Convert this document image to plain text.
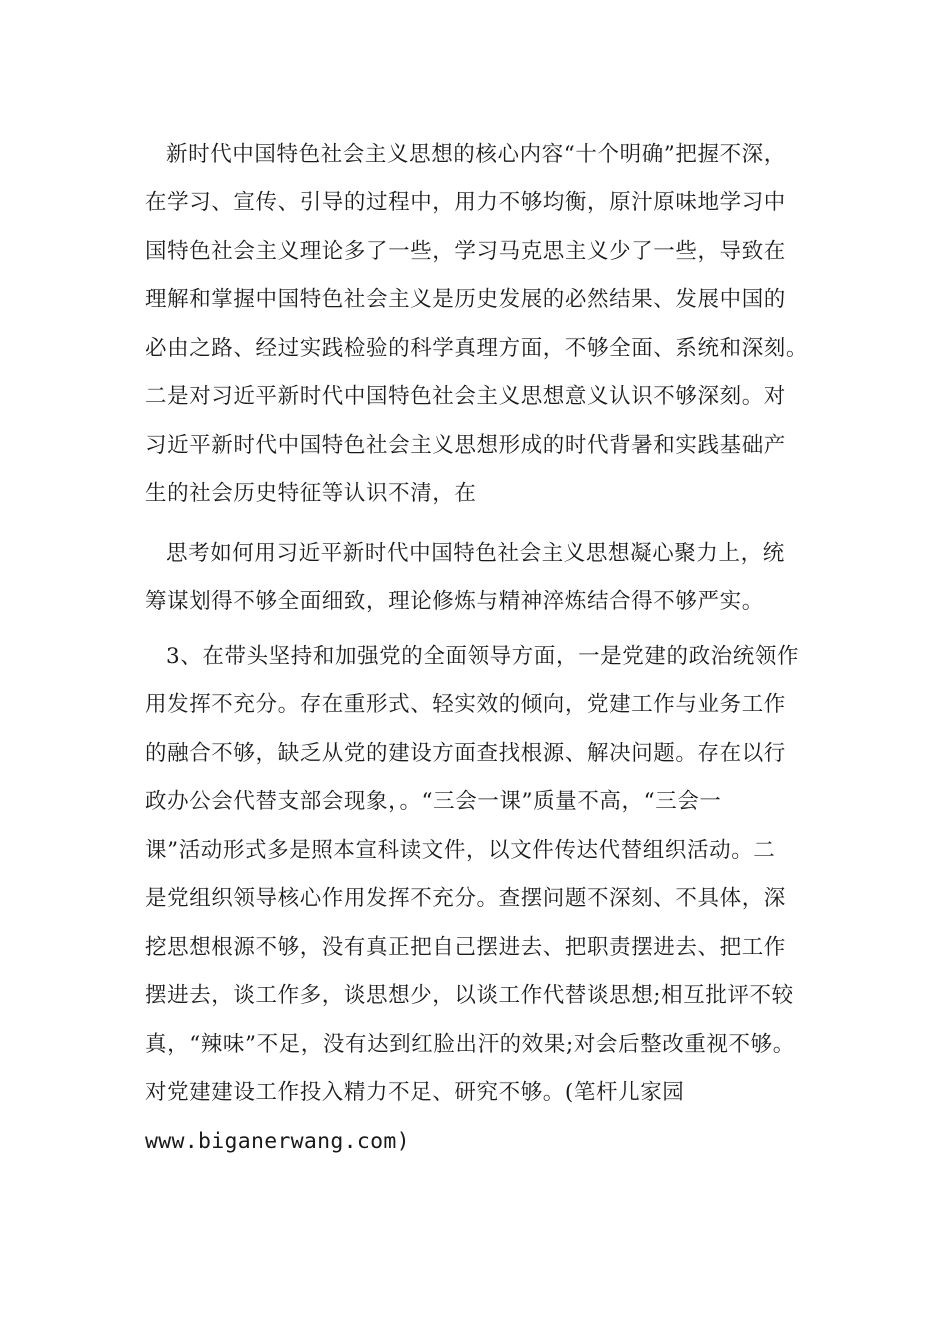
新时代中国特色社会主义思想的核心内容“十个明确”把握不深，
在学习、宣传、引导的过程中，用力不够均衡，原汁原味地学习中
国特色社会主义理论多了一些，学习马克思主义少了一些，导致在
理解和掌握中国特色社会主义是历史发展的必然结果、发展中国的
必由之路、经过实践检验的科学真理方面，不够全面、系统和深刻。
二是对习近平新时代中国特色社会主义思想意义认识不够深刻。对
习近平新时代中国特色社会主义思想形成的时代背暑和实践基础产
生的社会历史特征等认识不清，在
思考如何用习近平新时代中国特色社会主义思想凝心聚力上，统
筹谋划得不够全面细致，理论修炼与精神淬炼结合得不够严实。
3、在带头坚持和加强党的全面领导方面，一是党建的政治统领作
用发挥不充分。存在重形式、轻实效的倾向，党建工作与业务工作
的融合不够，缺乏从党的建设方面查找根源、解决问题。存在以行
政办公会代替支部会现象，。“三会一课”质量不高，“三会一
课”活动形式多是照本宣科读文件，以文件传达代替组织活动。二
是党组织领导核心作用发挥不充分。查摆问题不深刻、不具体，深
挖思想根源不够，没有真正把自己摆进去、把职责摆进去、把工作
摆进去，谈工作多，谈思想少，以谈工作代替谈思想;相互批评不较
真，“辣味”不足，没有达到红脸出汗的效果;对会后整改重视不够。
对党建建设工作投入精力不足、研究不够。(笔杆儿家园
www.biganerwang.com)
